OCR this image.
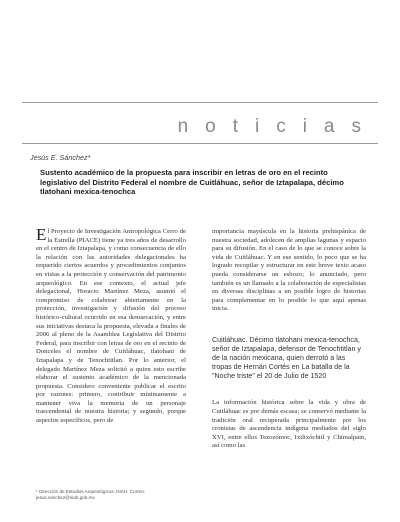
noticias
Jesús E. Sánchez*
Sustento académico de la propuesta para inscribir en letras de oro en el recinto legislativo del Distrito Federal el nombre de Cuitláhuac, señor de Iztapalapa, décimo tlatohani mexica-tenochca

El Proyecto de Investigación Antropológica Cerro de la Estrella (PIACE) tiene ya tres años de desarrollo en el centro de Iztapalapa, y como consecuencia de ello la relación con las autoridades delegacionales ha requerido ciertos acuerdos y procedimientos conjuntos en vistas a la protección y conservación del patrimonio arqueológico. En ese contexto, el actual jefe delegacional, Horacio Martínez Meza, asumió el compromiso de colaborar abiertamente en la protección, investigación y difusión del proceso histórico-cultural ocurrido en esa demarcación, y entre sus iniciativas destaca la propuesta, elevada a finales de 2006 al pleno de la Asamblea Legislativa del Distrito Federal, para inscribir con letras de oro en el recinto de Donceles el nombre de Cuitláhuac, tlatohani de Iztapalapa y de Tenochtitlan. Por lo anterior, el delegado Martínez Meza solicitó a quien esto escribe elaborar el sustento académico de la mencionada propuesta. Considero conveniente publicar el escrito por razones: primero, contribuir mínimamente a mantener viva la memoria de un personaje trascendental de nuestra historia; y segundo, porque aspectos específicos, pero de

importancia mayúscula en la historia prehispánica de nuestra sociedad, adolecen de amplias lagunas y espacio para su difusión. En el caso de lo que se conoce sobre la vida de Cuitláhuac. Y en ese sentido, lo poco que se ha logrado recopilar y estructurar en este breve texto acaso pueda considerarse un esbozo; lo anunciado, pero también es un llamado a la colaboración de especialistas en diversas disciplinas a un posible logro de historias para complementar en lo posible lo que aquí apenas inicia.

Cuitláhuac. Décimo tlatohani mexica-tenochca, señor de Iztapalapa, defensor de Tenochtitlan y de la nación mexicana, quien derrotó a las tropas de Hernán Cortés en La batalla de la "Noche triste" el 20 de Julio de 1520

La información histórica sobre la vida y obra de Cuitláhuac es por demás escasa; se conservó mediante la tradición oral recuperada principalmente por los cronistas de ascendencia indígena mediados del siglo XVI, entre ellos Tezozómoc, Ixtlixóchitl y Chimalpain, así como las

* Dirección de Estudios Arqueológicos. INAH. Correo: jesus.sanchez@inah.gob.mx
